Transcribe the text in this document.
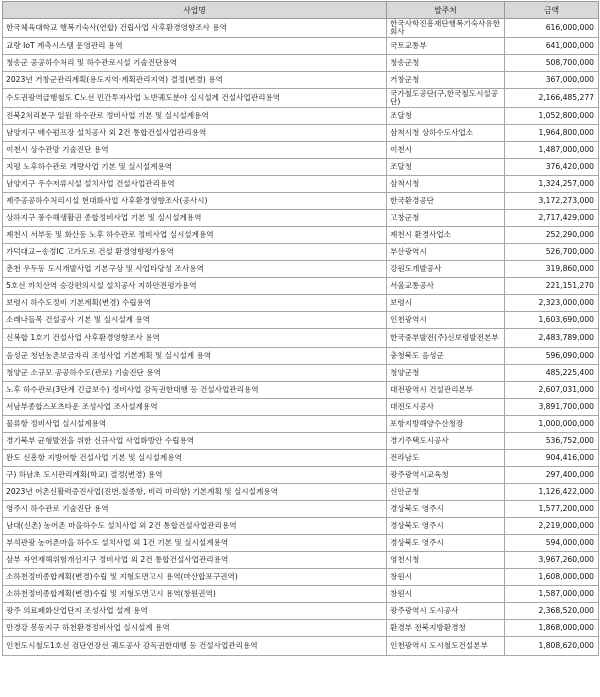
사업명	발주처	금액
한국체육대학교 행복기숙사(연합) 건립사업 사후환경영향조사 용역	한국사학진흥재단행복기숙사유한회사	616,000,000
교량 IoT 계측시스템 운영관리 용역	국토교통부	641,000,000
청송군 공공하수처리 및 하수관로시설 기술진단용역	청송군청	508,700,000
2023년 거창군관리계획(용도지역·계획관리지역) 결정(변경) 용역	거창군청	367,000,000
수도권광역급행철도 C노선 민간투자사업 노반궤도분야 실시설계 건설사업관리용역	국가철도공단(구,한국철도시설공단)	2,166,485,277
진북2처리분구 일원 하수관로 정비사업 기본 및 실시설계용역	조달청	1,052,800,000
남양지구 배수펌프장 설치공사 외 2건 통합건설사업관리용역	삼척시청 상하수도사업소	1,964,800,000
이천시 상수관망 기술진단 용역	이천시	1,487,000,000
지평 노후하수관로 개량사업 기본 및 실시설계용역	조달청	376,420,000
남양지구 우수저류시설 설치사업 건설사업관리용역	삼척시청	1,324,257,000
제주공공하수처리시설 현대화사업 사후환경영향조사(공사시)	한국환경공단	3,172,273,000
상하지구 풍수해생활권 종합정비사업 기본 및 실시설계용역	고창군청	2,717,429,000
제천시 서부동 및 화산동 노후 하수관로 정비사업 실시설계용역	제천시 환경사업소	252,290,000
가덕대교~송정IC 고가도로 건설 환경영향평가용역	부산광역시	526,700,000
춘천 우두동 도시개발사업 기본구상 및 사업타당성 조사용역	강원도개발공사	319,860,000
5호선 까치산역 승강편의시설 설치공사 지하안전평가용역	서울교통공사	221,151,270
보령시 하수도정비 기본계획(변경) 수립용역	보령시	2,323,000,000
소래나들목 건설공사 기본 및 실시설계 용역	인천광역시	1,603,690,000
신복합 1호기 건설사업 사후환경영향조사 용역	한국중부발전(주)신보령발전본부	2,483,789,000
음성군 청년농촌보금자리 조성사업 기본계획 및 실시설계 용역	충청북도 음성군	596,090,000
청양군 소규모 공공하수도(관로) 기술진단 용역	청양군청	485,225,400
노후 하수관로(3단계 긴급보수) 정비사업 감독권한대행 등 건설사업관리용역	대전광역시 건설관리본부	2,607,031,000
서남부종합스포츠타운 조성사업 조사설계용역	대전도시공사	3,891,700,000
물류항 정비사업 실시설계용역	포항지방해양수산청장	1,000,000,000
경기북부 균형발전을 위한 신규사업 사업화방안 수립용역	경기주택도시공사	536,752,000
완도 신흥항 지방어항 건설사업 기본 및 실시설계용역	전라남도	904,416,000
구) 하남초 도시관리계획(학교) 결정(변경) 용역	광주광역시교육청	297,400,000
2023년 어촌신활력증진사업(진번.칠종항, 비리 마리항) 기본계획 및 실시설계용역	신안군청	1,126,422,000
영주시 하수관로 기술진단 용역	경상북도 영주시	1,577,200,000
남대(신촌) 농어촌 마을하수도 설치사업 외 2건 통합건설사업관리용역	경상북도 영주시	2,219,000,000
부석관광 농어촌마을 하수도 설치사업 외 1건 기본 및 실시설계용역	경상북도 영주시	594,000,000
삼부 자연재해위험개선지구 정비사업 외 2건 통합건설사업관리용역	영천시청	3,967,260,000
소하천정비종합계획(변경)수립 및 지형도면고시 용역(마산합포구권역)	창원시	1,608,000,000
소하천정비종합계획(변경)수립 및 지형도면고시 용역(창원권역)	창원시	1,587,000,000
광주 의료폐화산업단지 조성사업 설계 용역	광주광역시 도시공사	2,368,520,000
만경강 봉동지구 하천환경정비사업 실시설계 용역	환경부 전북지방환경청	1,868,000,000
인천도시철도1호선 검단연장선 궤도공사 감독권한대행 등 건설사업관리용역	인천광역시 도시철도건설본부	1,808,620,000
